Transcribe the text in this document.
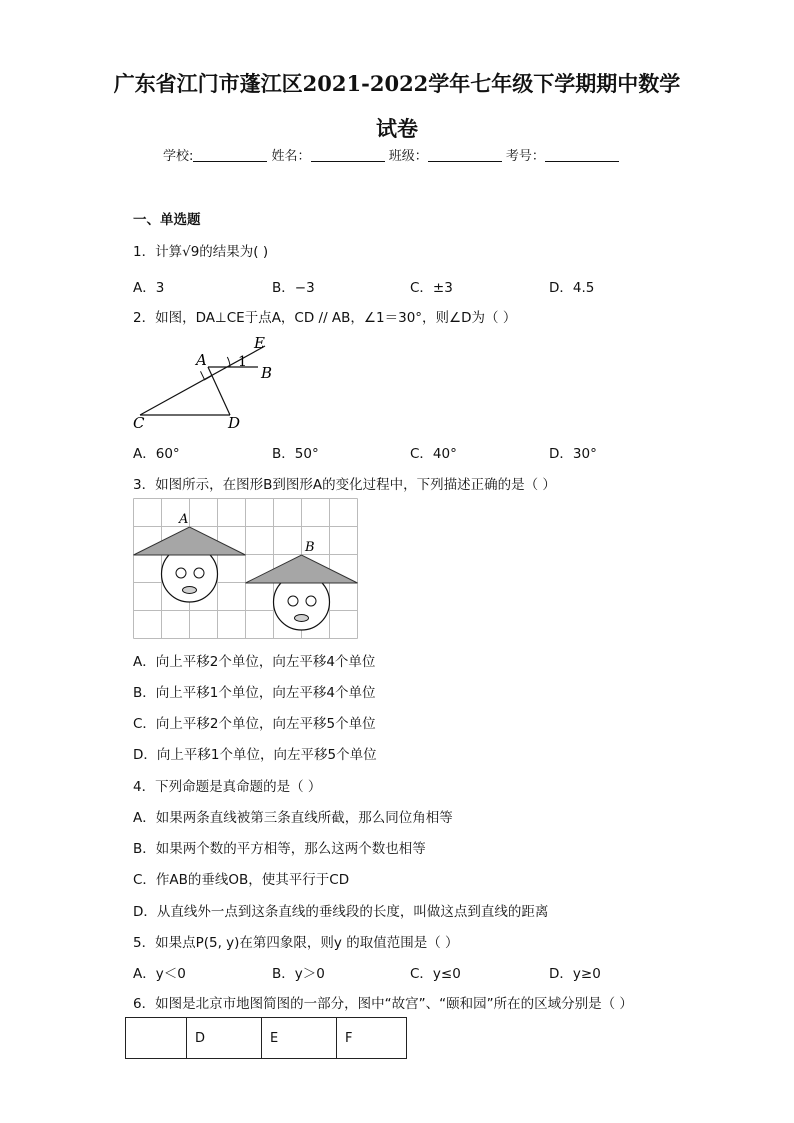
广东省江门市蓬江区2021-2022学年七年级下学期期中数学
试卷
学校:	姓名：	班级：	考号：
一、单选题
1．计算√9的结果为( )
A．3	B．−3	C．±3	D．4.5
2．如图，DA⊥CE于点A，CD // AB，∠1＝30°，则∠D为（ ）
E
A 1
B
C	D
A．60°	B．50°	C．40°	D．30°
3．如图所示，在图形B到图形A的变化过程中，下列描述正确的是（ ）
A
B
A．向上平移2个单位，向左平移4个单位
B．向上平移1个单位，向左平移4个单位
C．向上平移2个单位，向左平移5个单位
D．向上平移1个单位，向左平移5个单位
4．下列命题是真命题的是（ ）
A．如果两条直线被第三条直线所截，那么同位角相等
B．如果两个数的平方相等，那么这两个数也相等
C．作AB的垂线OB，使其平行于CD
D．从直线外一点到这条直线的垂线段的长度，叫做这点到直线的距离
5．如果点P(5, y)在第四象限，则y 的取值范围是（ ）
A．y＜0	B．y＞0	C．y≤0	D．y≥0
6．如图是北京市地图简图的一部分，图中“故宫”、“颐和园”所在的区域分别是（ ）
	D	E	F
